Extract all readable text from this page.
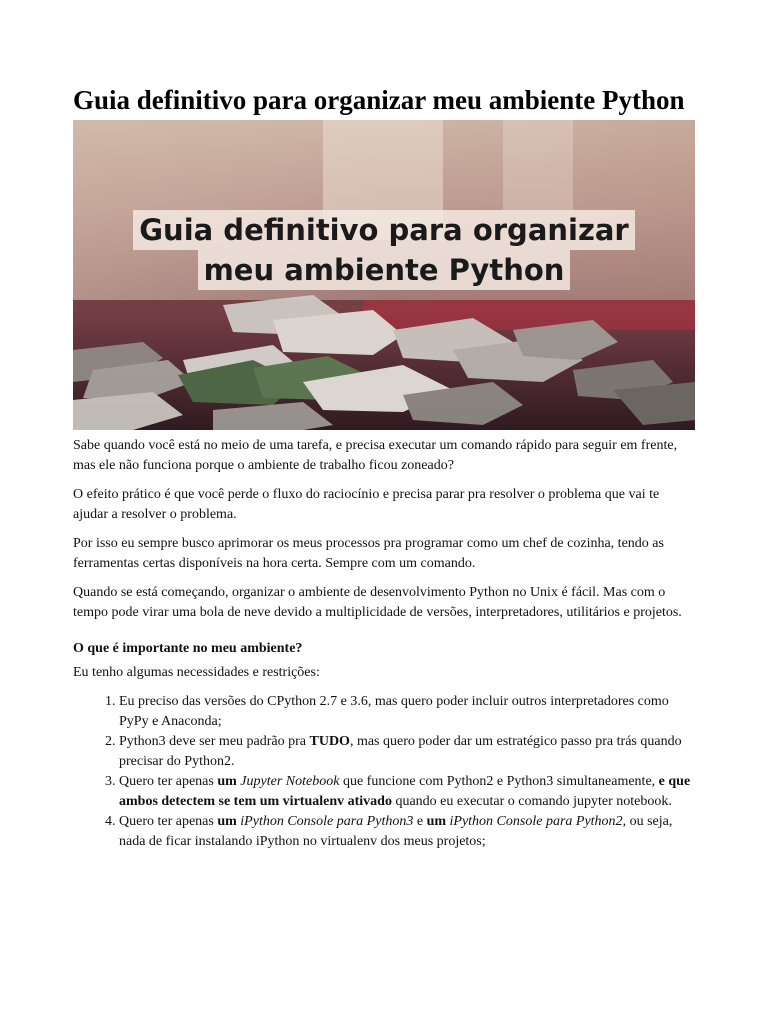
Guia definitivo para organizar meu ambiente Python
Guia definitivo para organizar
meu ambiente Python

Sabe quando você está no meio de uma tarefa, e precisa executar um comando rápido para seguir em frente, mas ele não funciona porque o ambiente de trabalho ficou zoneado?

O efeito prático é que você perde o fluxo do raciocínio e precisa parar pra resolver o problema que vai te ajudar a resolver o problema.

Por isso eu sempre busco aprimorar os meus processos pra programar como um chef de cozinha, tendo as ferramentas certas disponíveis na hora certa. Sempre com um comando.

Quando se está começando, organizar o ambiente de desenvolvimento Python no Unix é fácil. Mas com o tempo pode virar uma bola de neve devido a multiplicidade de versões, interpretadores, utilitários e projetos.

O que é importante no meu ambiente?

Eu tenho algumas necessidades e restrições:

1. Eu preciso das versões do CPython 2.7 e 3.6, mas quero poder incluir outros interpretadores como PyPy e Anaconda;
2. Python3 deve ser meu padrão pra TUDO, mas quero poder dar um estratégico passo pra trás quando precisar do Python2.
3. Quero ter apenas um Jupyter Notebook que funcione com Python2 e Python3 simultaneamente, e que ambos detectem se tem um virtualenv ativado quando eu executar o comando jupyter notebook.
4. Quero ter apenas um iPython Console para Python3 e um iPython Console para Python2, ou seja, nada de ficar instalando iPython no virtualenv dos meus projetos;
